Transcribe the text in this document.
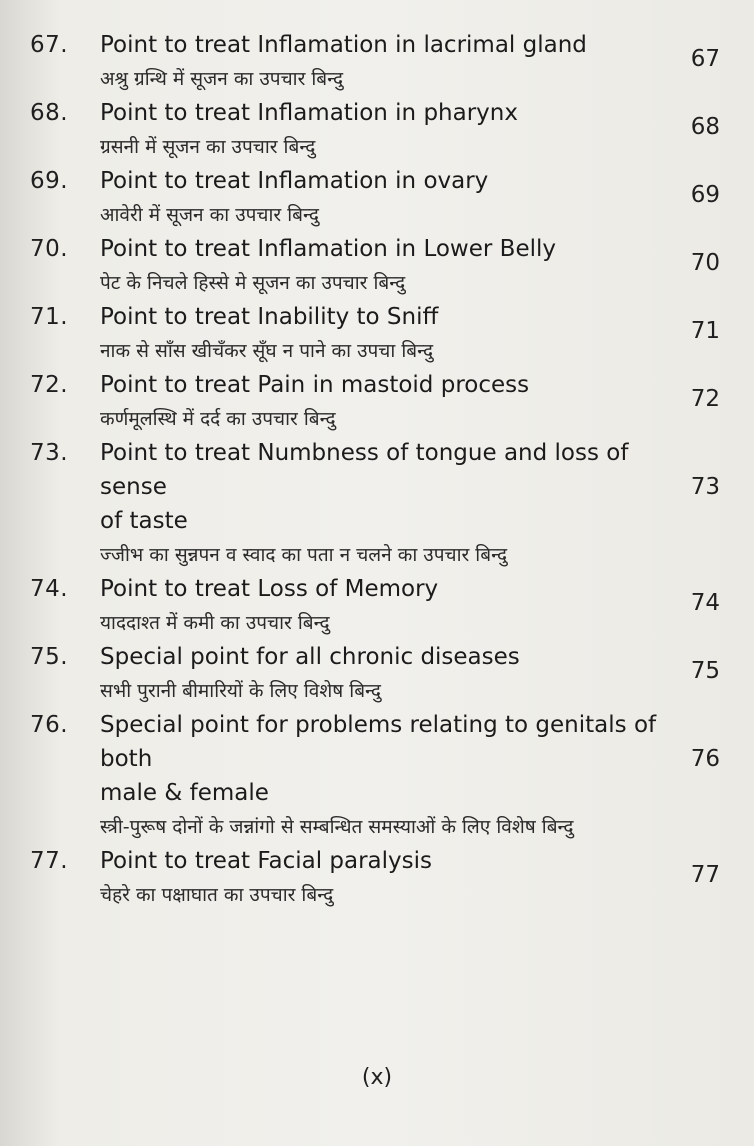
67.	Point to treat Inflamation in lacrimal gland
अश्रु ग्रन्थि में सूजन का उपचार बिन्दु
67
68.	Point to treat Inflamation in pharynx
ग्रसनी में सूजन का उपचार बिन्दु
68
69.	Point to treat Inflamation in ovary
आवेरी में सूजन का उपचार बिन्दु
69
70.	Point to treat Inflamation in Lower Belly
पेट के निचले हिस्से मे सूजन का उपचार बिन्दु
70
71.	Point to treat Inability to Sniff
नाक से साँस खीचँकर सूँघ न पाने का उपचा बिन्दु
71
72.	Point to treat Pain in mastoid process
कर्णमूलस्थि में दर्द का उपचार बिन्दु
72
73.	Point to treat Numbness of tongue and loss of sense
of taste
ज्जीभ का सुन्नपन व स्वाद का पता न चलने का उपचार बिन्दु
73
74.	Point to treat Loss of Memory
याददाश्त में कमी का उपचार बिन्दु
74
75.	Special point for all chronic diseases
सभी पुरानी बीमारियों के लिए विशेष बिन्दु
75
76.	Special point for problems relating to genitals of both
male & female
स्त्री-पुरूष दोनों के जन्नांगो से सम्बन्धित समस्याओं के लिए विशेष बिन्दु
76
77.	Point to treat Facial paralysis
चेहरे का पक्षाघात का उपचार बिन्दु
77
(x)
